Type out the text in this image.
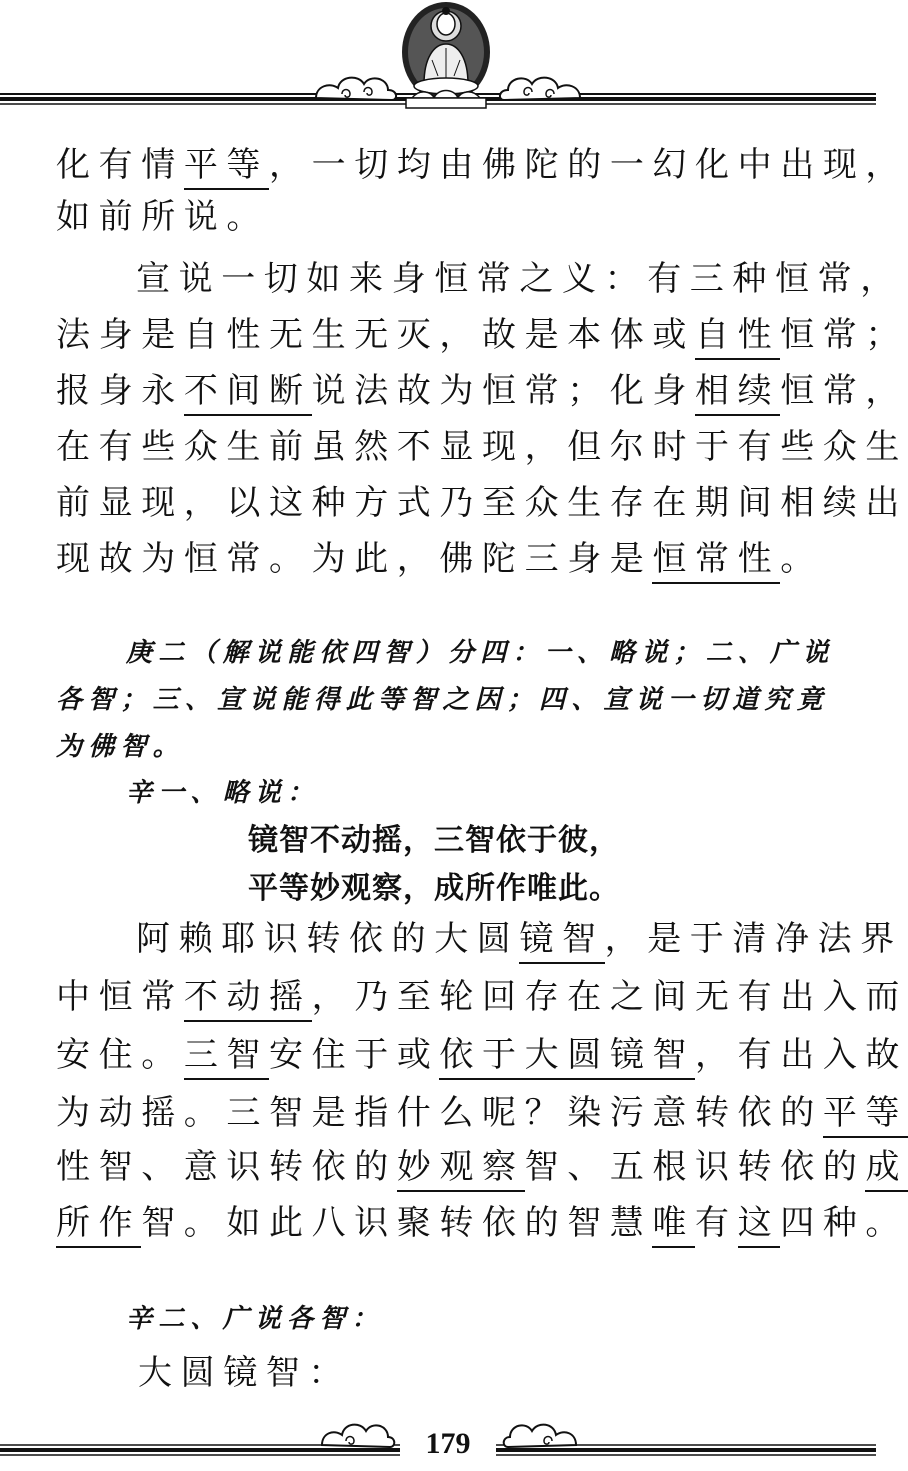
化有情平等，一切均由佛陀的一幻化中出现，
如前所说。
宣说一切如来身恒常之义：有三种恒常，
法身是自性无生无灭，故是本体或自性恒常；
报身永不间断说法故为恒常；化身相续恒常，
在有些众生前虽然不显现，但尔时于有些众生
前显现，以这种方式乃至众生存在期间相续出
现故为恒常。为此，佛陀三身是恒常性。
庚二（解说能依四智）分四：一、略说；二、广说
各智；三、宣说能得此等智之因；四、宣说一切道究竟
为佛智。
辛一、略说：
镜智不动摇，三智依于彼，
平等妙观察，成所作唯此。
阿赖耶识转依的大圆镜智，是于清净法界
中恒常不动摇，乃至轮回存在之间无有出入而
安住。三智安住于或依于大圆镜智，有出入故
为动摇。三智是指什么呢？染污意转依的平等
性智、意识转依的妙观察智、五根识转依的成
所作智。如此八识聚转依的智慧唯有这四种。
辛二、广说各智：
大圆镜智：
179
